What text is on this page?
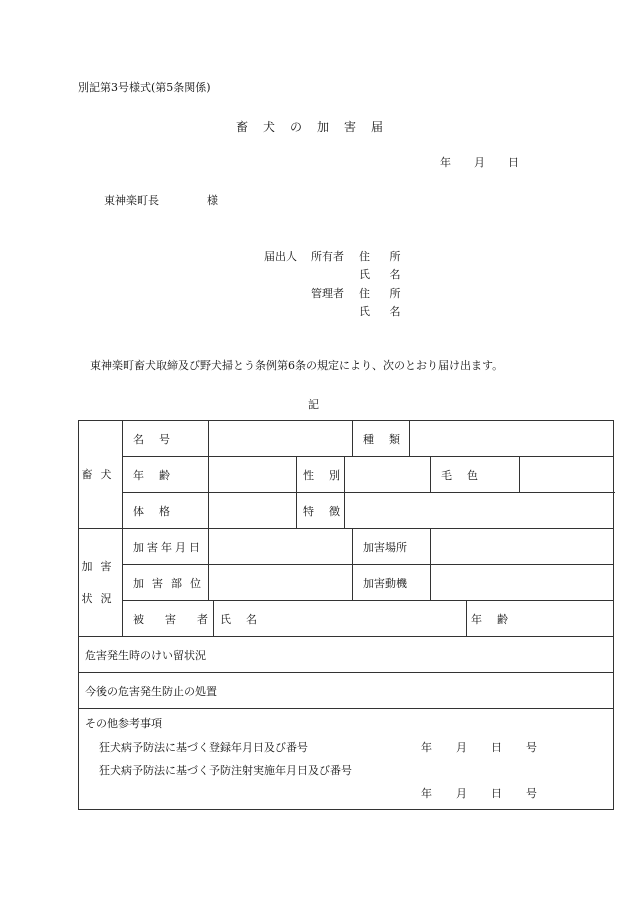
別記第3号様式(第5条関係)
畜犬の加害届
年　月　日
東神楽町長	様
届出人 所有者 住 所
氏 名
管理者 住 所
氏 名
東神楽町畜犬取締及び野犬掃とう条例第6条の規定により、次のとおり届け出ます。
記
畜犬	名号					種類				
	年齢			性別				毛色		
	体格			特徴						

加害
状況	加害年月日					加害場所				
	加害部位					加害動機				
	被害者		氏名						年齢	
危害発生時のけい留状況										
今後の危害発生防止の処置										

その他参考事項
狂犬病予防法に基づく登録年月日及び番号 年月日号
狂犬病予防法に基づく予防注射実施年月日及び番号
年月日号										
